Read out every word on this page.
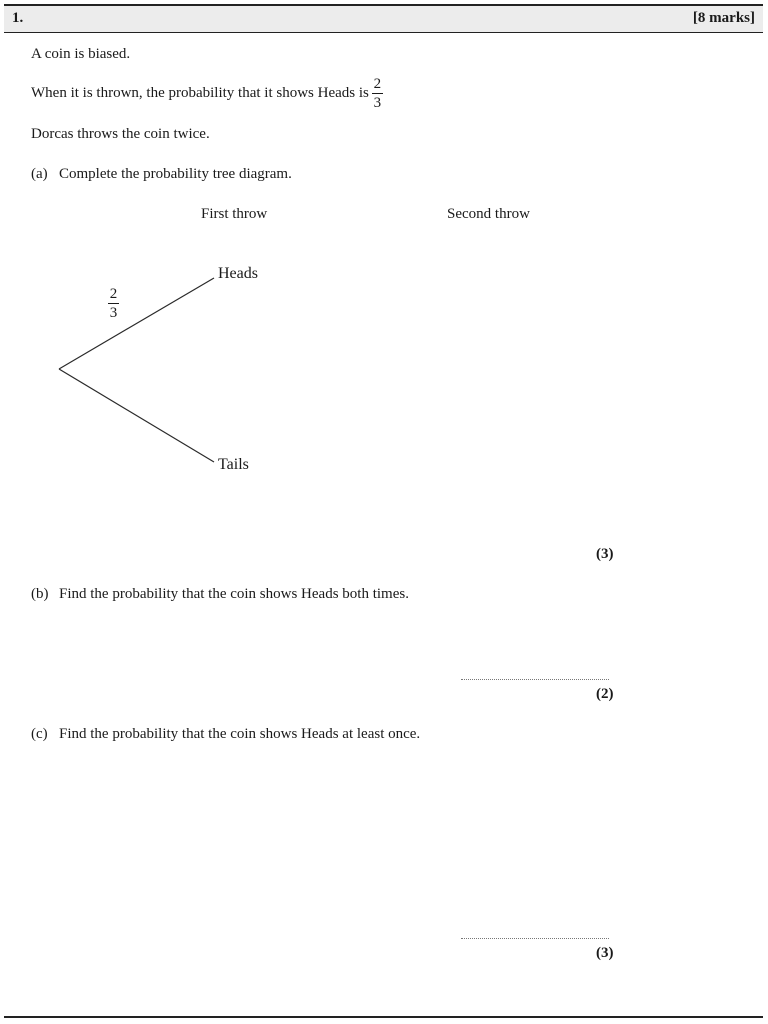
1.	[8 marks]
A coin is biased.
When it is thrown, the probability that it shows Heads is $\frac{2}{3}$
Dorcas throws the coin twice.
(a) Complete the probability tree diagram.
First throw	Second throw
Heads
Tails
2
3
(3)
(b) Find the probability that the coin shows Heads both times.
(2)
(c) Find the probability that the coin shows Heads at least once.
(3)
